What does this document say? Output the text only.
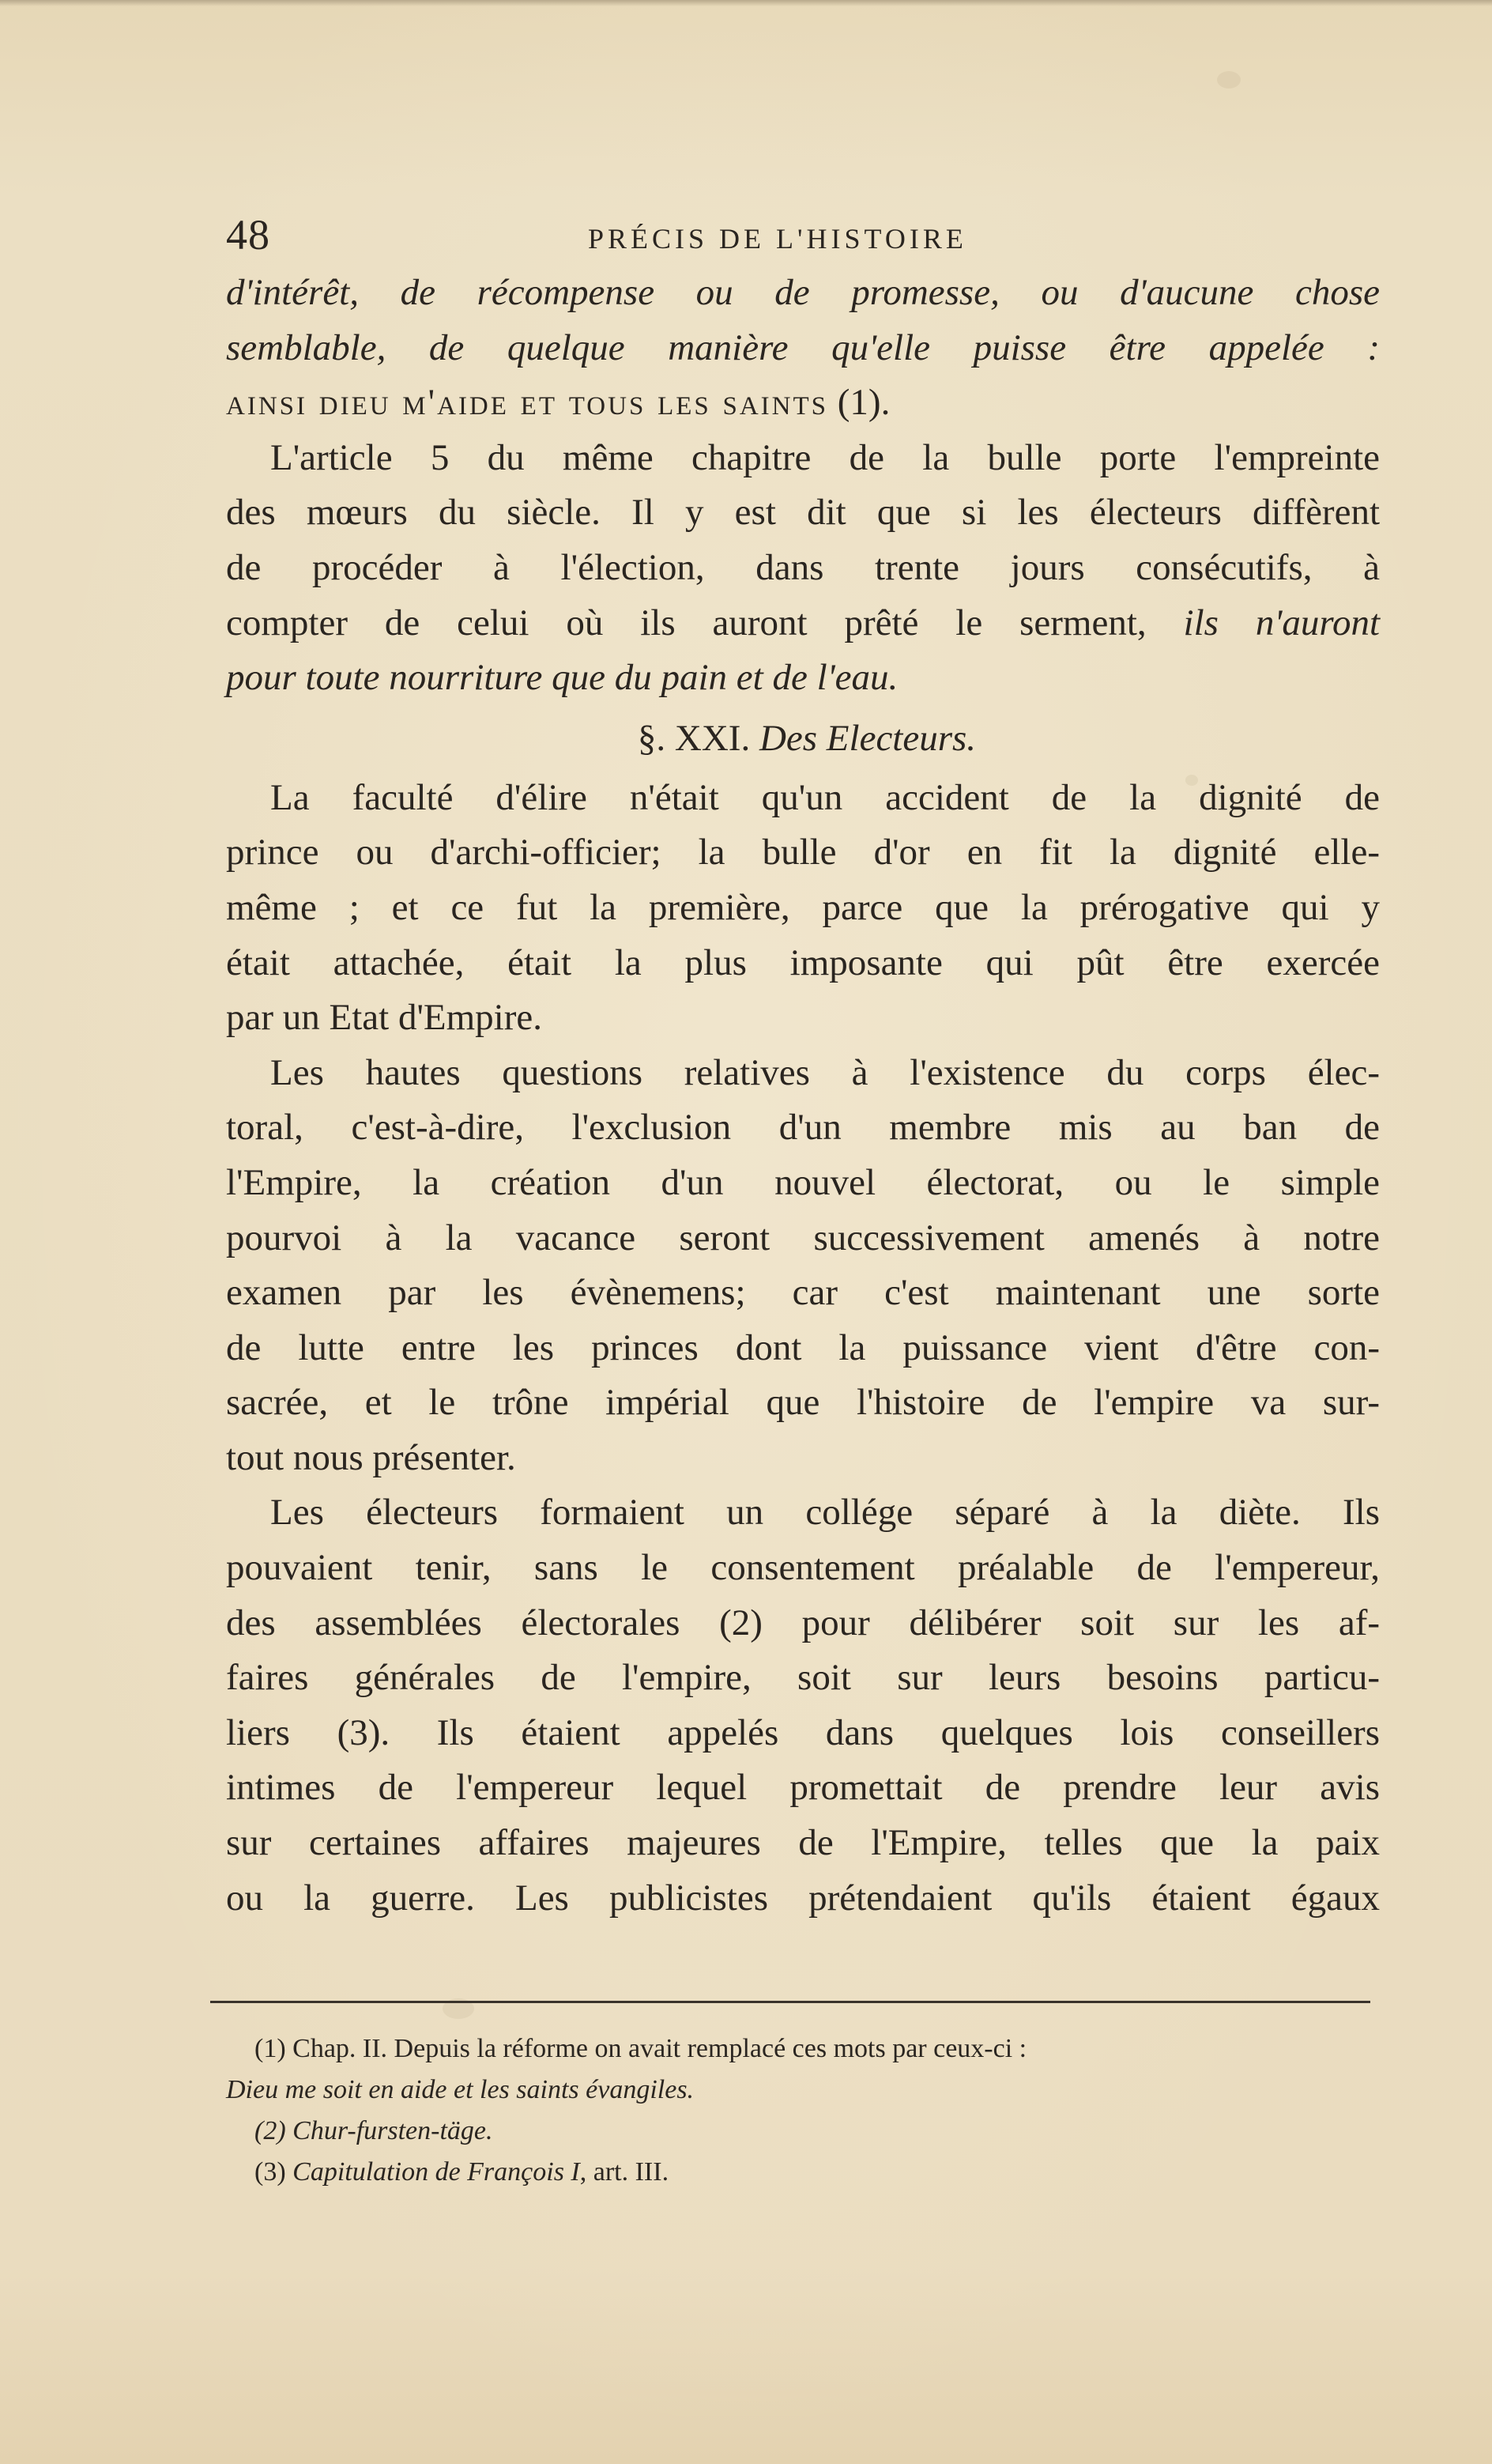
48	PRÉCIS DE L'HISTOIRE
d'intérêt, de récompense ou de promesse, ou d'aucune chose
semblable, de quelque manière qu'elle puisse être appelée :
ainsi dieu m'aide et tous les saints (1).
L'article 5 du même chapitre de la bulle porte l'empreinte
des mœurs du siècle. Il y est dit que si les électeurs diffèrent
de procéder à l'élection, dans trente jours consécutifs, à
compter de celui où ils auront prêté le serment, ils n'auront
pour toute nourriture que du pain et de l'eau.
§. XXI. Des Electeurs.
La faculté d'élire n'était qu'un accident de la dignité de
prince ou d'archi-officier; la bulle d'or en fit la dignité elle-
même ; et ce fut la première, parce que la prérogative qui y
était attachée, était la plus imposante qui pût être exercée
par un Etat d'Empire.
Les hautes questions relatives à l'existence du corps élec-
toral, c'est-à-dire, l'exclusion d'un membre mis au ban de
l'Empire, la création d'un nouvel électorat, ou le simple
pourvoi à la vacance seront successivement amenés à notre
examen par les évènemens; car c'est maintenant une sorte
de lutte entre les princes dont la puissance vient d'être con-
sacrée, et le trône impérial que l'histoire de l'empire va sur-
tout nous présenter.
Les électeurs formaient un collége séparé à la diète. Ils
pouvaient tenir, sans le consentement préalable de l'empereur,
des assemblées électorales (2) pour délibérer soit sur les af-
faires générales de l'empire, soit sur leurs besoins particu-
liers (3). Ils étaient appelés dans quelques lois conseillers
intimes de l'empereur lequel promettait de prendre leur avis
sur certaines affaires majeures de l'Empire, telles que la paix
ou la guerre. Les publicistes prétendaient qu'ils étaient égaux
(1) Chap. II. Depuis la réforme on avait remplacé ces mots par ceux-ci :
Dieu me soit en aide et les saints évangiles.
(2) Chur-fursten-täge.
(3) Capitulation de François I, art. III.
